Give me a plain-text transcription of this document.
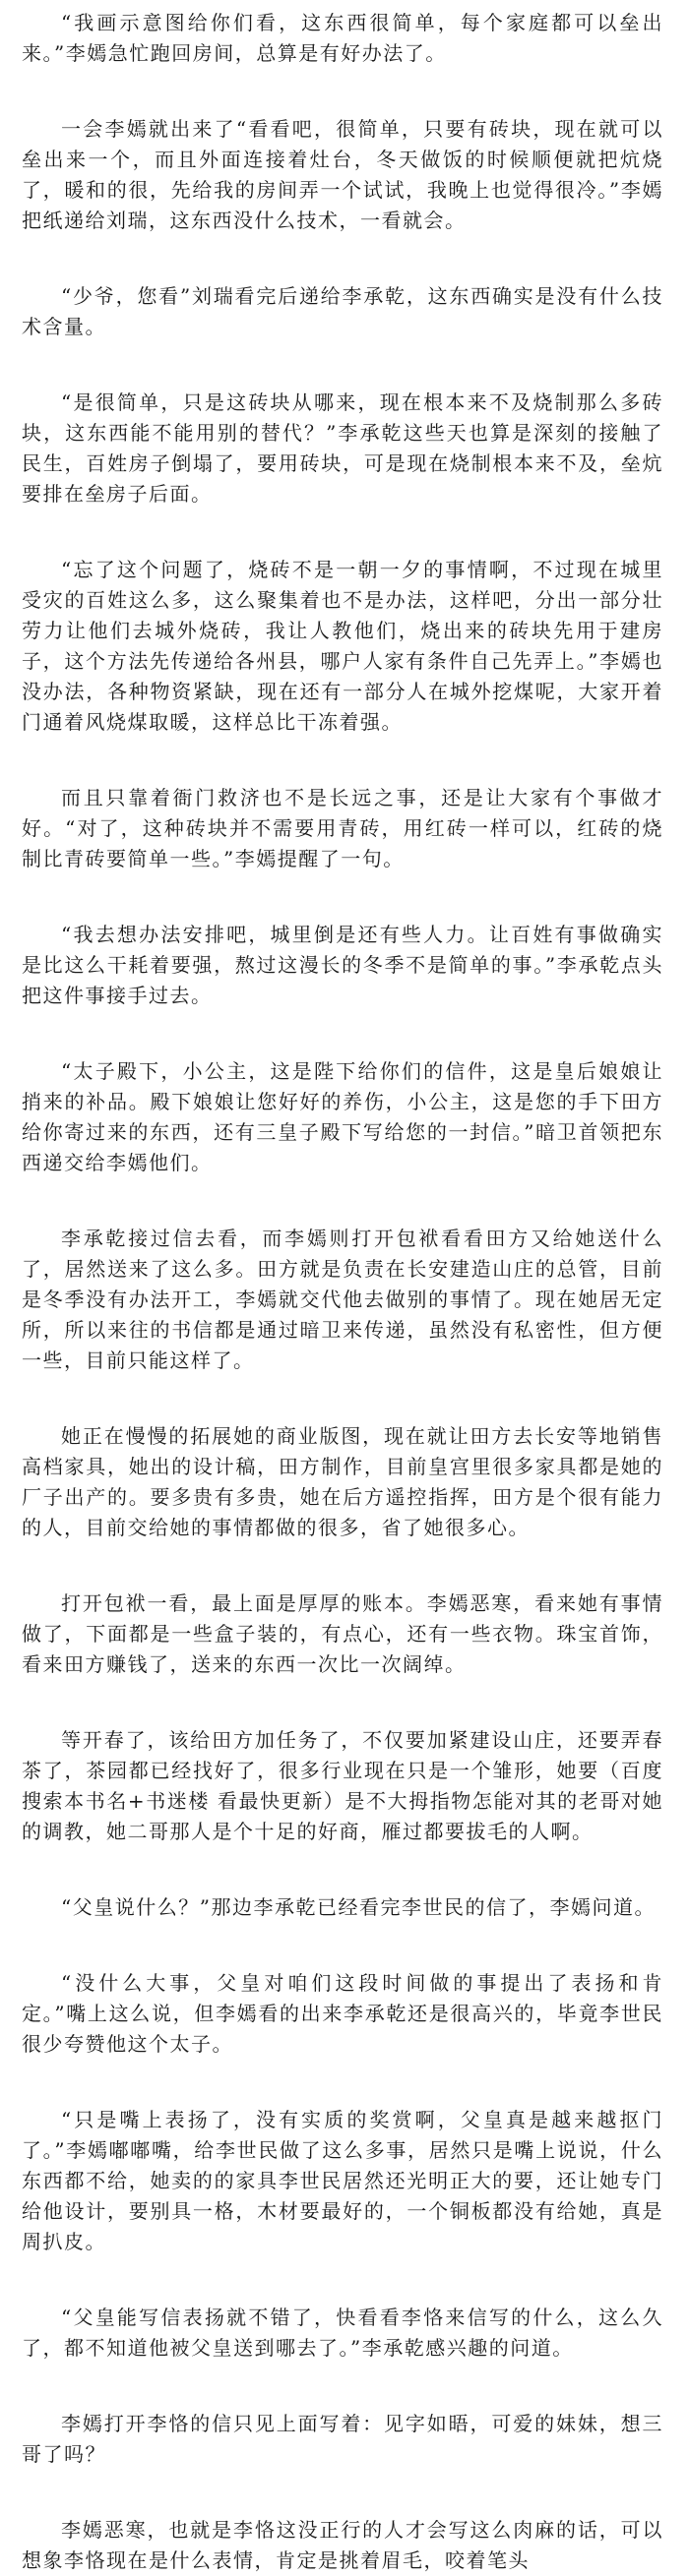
“我画示意图给你们看，这东西很简单，每个家庭都可以垒出来。”李嫣急忙跑回房间，总算是有好办法了。

一会李嫣就出来了“看看吧，很简单，只要有砖块，现在就可以垒出来一个，而且外面连接着灶台，冬天做饭的时候顺便就把炕烧了，暖和的很，先给我的房间弄一个试试，我晚上也觉得很冷。”李嫣把纸递给刘瑞，这东西没什么技术，一看就会。

“少爷，您看”刘瑞看完后递给李承乾，这东西确实是没有什么技术含量。

“是很简单，只是这砖块从哪来，现在根本来不及烧制那么多砖块，这东西能不能用别的替代？”李承乾这些天也算是深刻的接触了民生，百姓房子倒塌了，要用砖块，可是现在烧制根本来不及，垒炕要排在垒房子后面。

“忘了这个问题了，烧砖不是一朝一夕的事情啊，不过现在城里受灾的百姓这么多，这么聚集着也不是办法，这样吧，分出一部分壮劳力让他们去城外烧砖，我让人教他们，烧出来的砖块先用于建房子，这个方法先传递给各州县，哪户人家有条件自己先弄上。”李嫣也没办法，各种物资紧缺，现在还有一部分人在城外挖煤呢，大家开着门通着风烧煤取暖，这样总比干冻着强。

而且只靠着衙门救济也不是长远之事，还是让大家有个事做才好。“对了，这种砖块并不需要用青砖，用红砖一样可以，红砖的烧制比青砖要简单一些。”李嫣提醒了一句。

“我去想办法安排吧，城里倒是还有些人力。让百姓有事做确实是比这么干耗着要强，熬过这漫长的冬季不是简单的事。”李承乾点头把这件事接手过去。

“太子殿下，小公主，这是陛下给你们的信件，这是皇后娘娘让捎来的补品。殿下娘娘让您好好的养伤，小公主，这是您的手下田方给你寄过来的东西，还有三皇子殿下写给您的一封信。”暗卫首领把东西递交给李嫣他们。

李承乾接过信去看，而李嫣则打开包袱看看田方又给她送什么了，居然送来了这么多。田方就是负责在长安建造山庄的总管，目前是冬季没有办法开工，李嫣就交代他去做别的事情了。现在她居无定所，所以来往的书信都是通过暗卫来传递，虽然没有私密性，但方便一些，目前只能这样了。

她正在慢慢的拓展她的商业版图，现在就让田方去长安等地销售高档家具，她出的设计稿，田方制作，目前皇宫里很多家具都是她的厂子出产的。要多贵有多贵，她在后方遥控指挥，田方是个很有能力的人，目前交给她的事情都做的很多，省了她很多心。

打开包袱一看，最上面是厚厚的账本。李嫣恶寒，看来她有事情做了，下面都是一些盒子装的，有点心，还有一些衣物。珠宝首饰，看来田方赚钱了，送来的东西一次比一次阔绰。

等开春了，该给田方加任务了，不仅要加紧建设山庄，还要弄春茶了，茶园都已经找好了，很多行业现在只是一个雏形，她要（百度搜索本书名+书迷楼 看最快更新）是不大拇指物怎能对其的老哥对她的调教，她二哥那人是个十足的好商，雁过都要拔毛的人啊。

“父皇说什么？”那边李承乾已经看完李世民的信了，李嫣问道。

“没什么大事，父皇对咱们这段时间做的事提出了表扬和肯定。”嘴上这么说，但李嫣看的出来李承乾还是很高兴的，毕竟李世民很少夸赞他这个太子。

“只是嘴上表扬了，没有实质的奖赏啊，父皇真是越来越抠门了。”李嫣嘟嘟嘴，给李世民做了这么多事，居然只是嘴上说说，什么东西都不给，她卖的的家具李世民居然还光明正大的要，还让她专门给他设计，要别具一格，木材要最好的，一个铜板都没有给她，真是周扒皮。

“父皇能写信表扬就不错了，快看看李恪来信写的什么，这么久了，都不知道他被父皇送到哪去了。”李承乾感兴趣的问道。

李嫣打开李恪的信只见上面写着：见字如晤，可爱的妹妹，想三哥了吗？

李嫣恶寒，也就是李恪这没正行的人才会写这么肉麻的话，可以想象李恪现在是什么表情，肯定是挑着眉毛，咬着笔头
